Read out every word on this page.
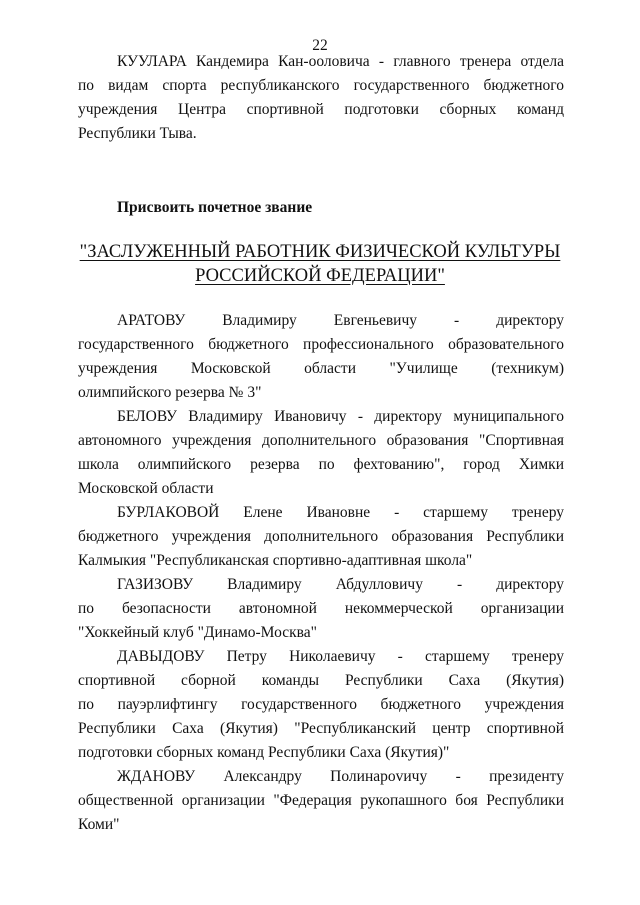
22
КУУЛАРА Кандемира Кан-ооловича - главного тренера отдела
по видам спорта республиканского государственного бюджетного
учреждения Центра спортивной подготовки сборных команд
Республики Тыва.
Присвоить почетное звание
"ЗАСЛУЖЕННЫЙ РАБОТНИК ФИЗИЧЕСКОЙ КУЛЬТУРЫ
РОССИЙСКОЙ ФЕДЕРАЦИИ"
АРАТОВУ Владимиру Евгеньевичу - директору
государственного бюджетного профессионального образовательного
учреждения Московской области "Училище (техникум)
олимпийского резерва № 3"
БЕЛОВУ Владимиру Ивановичу - директору муниципального
автономного учреждения дополнительного образования "Спортивная
школа олимпийского резерва по фехтованию", город Химки
Московской области
БУРЛАКОВОЙ Елене Ивановне - старшему тренеру
бюджетного учреждения дополнительного образования Республики
Калмыкия "Республиканская спортивно-адаптивная школа"
ГАЗИЗОВУ Владимиру Абдулловичу - директору
по безопасности автономной некоммерческой организации
"Хоккейный клуб "Динамо-Москва"
ДАВЫДОВУ Петру Николаевичу - старшему тренеру
спортивной сборной команды Республики Саха (Якутия)
по пауэрлифтингу государственного бюджетного учреждения
Республики Саха (Якутия) "Республиканский центр спортивной
подготовки сборных команд Республики Саха (Якутия)"
ЖДАНОВУ Александру Полинарovичу - президенту
общественной организации "Федерация рукопашного боя Республики
Коми"
